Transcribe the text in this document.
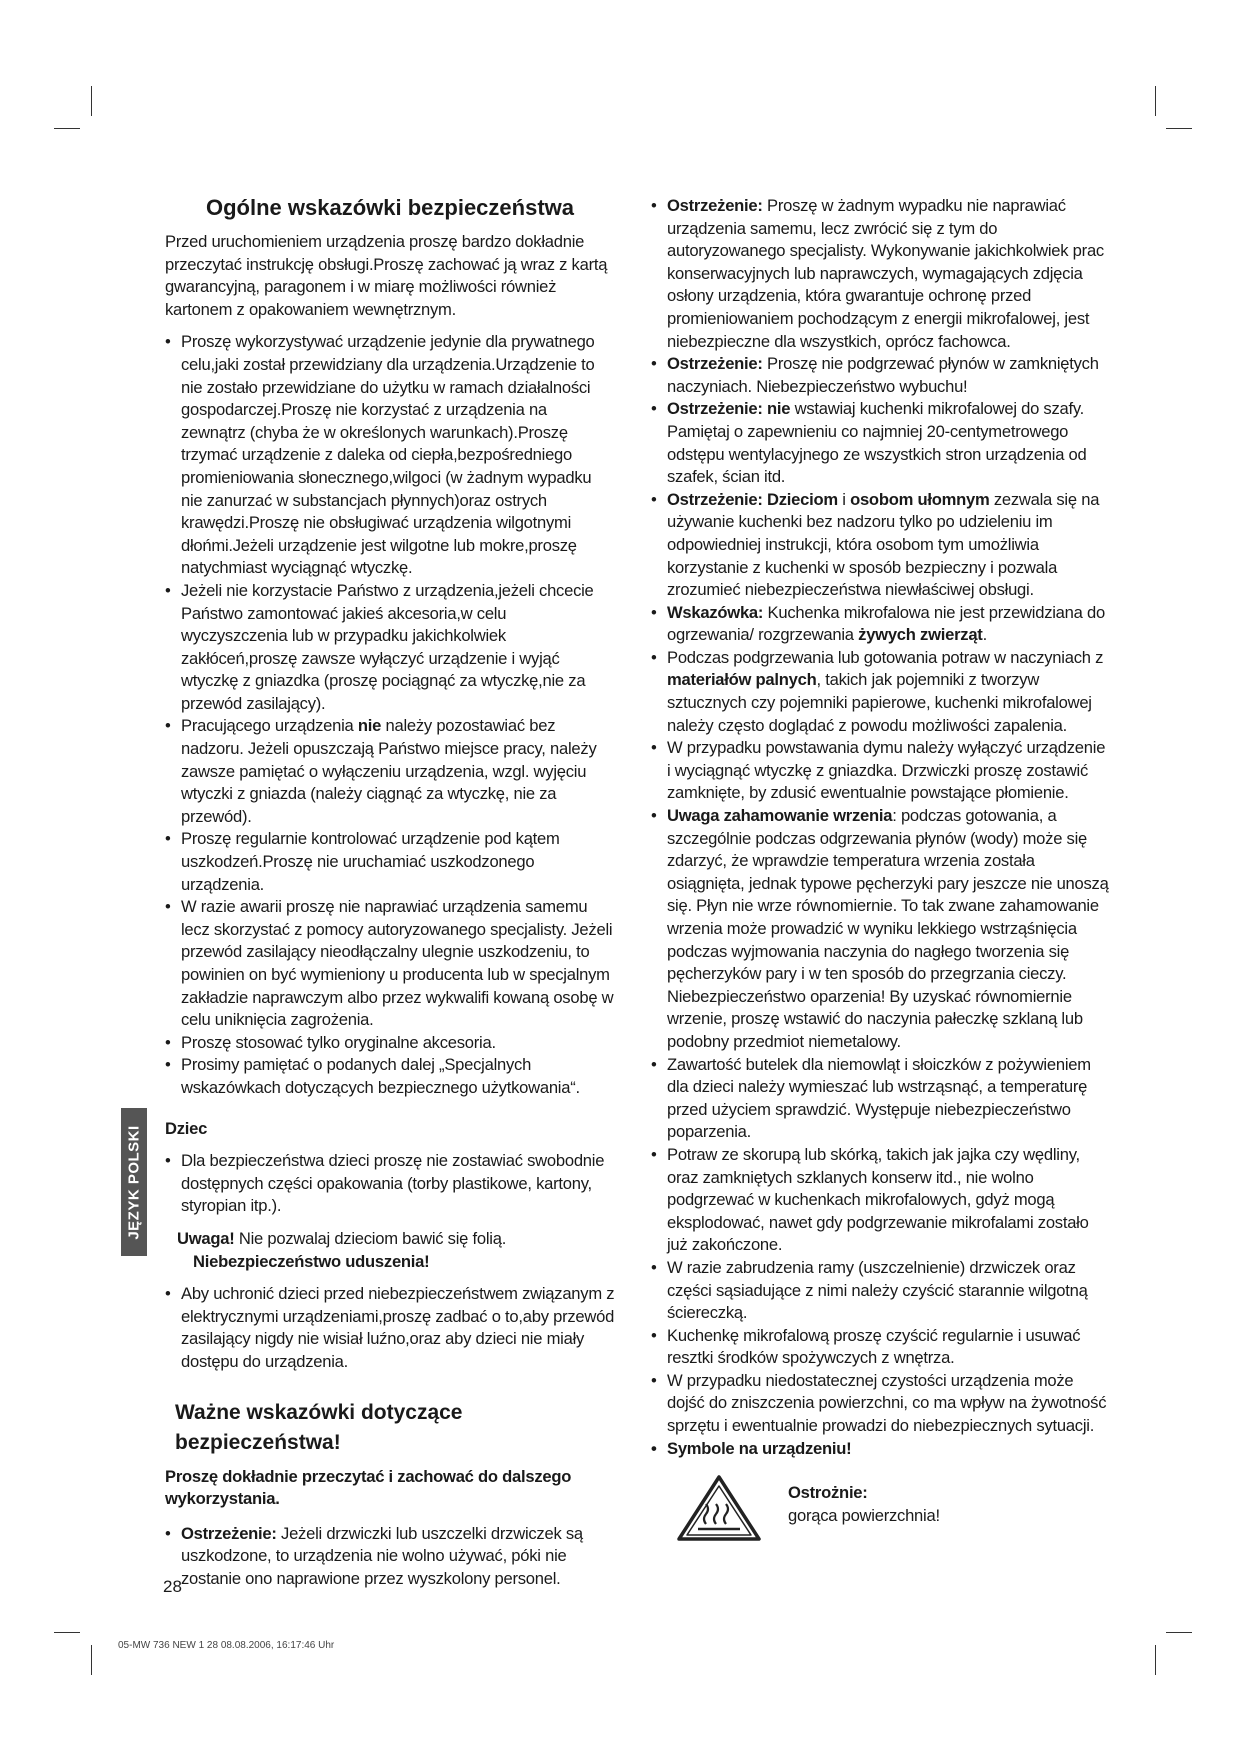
JĘZYK POLSKI
Ogólne wskazówki bezpieczeństwa

Przed uruchomieniem urządzenia proszę bardzo dokładnie przeczytać instrukcję obsługi.Proszę zachować ją wraz z kartą gwarancyjną, paragonem i w miarę możliwości również kartonem z opakowaniem wewnętrznym.

• Proszę wykorzystywać urządzenie jedynie dla prywatnego celu,jaki został przewidziany dla urządzenia.Urządzenie to nie zostało przewidziane do użytku w ramach działalności gospodarczej.Proszę nie korzystać z urządzenia na zewnątrz (chyba że w określonych warunkach).Proszę trzymać urządzenie z daleka od ciepła,bezpośredniego promieniowania słonecznego,wilgoci (w żadnym wypadku nie zanurzać w substancjach płynnych)oraz ostrych krawędzi.Proszę nie obsługiwać urządzenia wilgotnymi dłońmi.Jeżeli urządzenie jest wilgotne lub mokre,proszę natychmiast wyciągnąć wtyczkę.
• Jeżeli nie korzystacie Państwo z urządzenia,jeżeli chcecie Państwo zamontować jakieś akcesoria,w celu wyczyszczenia lub w przypadku jakichkolwiek zakłóceń,proszę zawsze wyłączyć urządzenie i wyjąć wtyczkę z gniazdka (proszę pociągnąć za wtyczkę,nie za przewód zasilający).
• Pracującego urządzenia nie należy pozostawiać bez nadzoru. Jeżeli opuszczają Państwo miejsce pracy, należy zawsze pamiętać o wyłączeniu urządzenia, wzgl. wyjęciu wtyczki z gniazda (należy ciągnąć za wtyczkę, nie za przewód).
• Proszę regularnie kontrolować urządzenie pod kątem uszkodzeń.Proszę nie uruchamiać uszkodzonego urządzenia.
• W razie awarii proszę nie naprawiać urządzenia samemu lecz skorzystać z pomocy autoryzowanego specjalisty. Jeżeli przewód zasilający nieodłączalny ulegnie uszkodzeniu, to powinien on być wymieniony u producenta lub w specjalnym zakładzie naprawczym albo przez wykwalifi kowaną osobę w celu uniknięcia zagrożenia.
• Proszę stosować tylko oryginalne akcesoria.
• Prosimy pamiętać o podanych dalej „Specjalnych wskazówkach dotyczących bezpiecznego użytkowania“.
Dziec
• Dla bezpieczeństwa dzieci proszę nie zostawiać swobodnie dostępnych części opakowania (torby plastikowe, kartony, styropian itp.).
Uwaga! Nie pozwalaj dzieciom bawić się folią.
Niebezpieczeństwo uduszenia!
• Aby uchronić dzieci przed niebezpieczeństwem związanym z elektrycznymi urządzeniami,proszę zadbać o to,aby przewód zasilający nigdy nie wisiał luźno,oraz aby dzieci nie miały dostępu do urządzenia.
Ważne wskazówki dotyczące bezpieczeństwa!
Proszę dokładnie przeczytać i zachować do dalszego wykorzystania.
• Ostrzeżenie: Jeżeli drzwiczki lub uszczelki drzwiczek są uszkodzone, to urządzenia nie wolno używać, póki nie zostanie ono naprawione przez wyszkolony personel.
• Ostrzeżenie: Proszę w żadnym wypadku nie naprawiać urządzenia samemu, lecz zwrócić się z tym do autoryzowanego specjalisty. Wykonywanie jakichkolwiek prac konserwacyjnych lub naprawczych, wymagających zdjęcia osłony urządzenia, która gwarantuje ochronę przed promieniowaniem pochodzącym z energii mikrofalowej, jest niebezpieczne dla wszystkich, oprócz fachowca.
• Ostrzeżenie: Proszę nie podgrzewać płynów w zamkniętych naczyniach. Niebezpieczeństwo wybuchu!
• Ostrzeżenie: nie wstawiaj kuchenki mikrofalowej do szafy. Pamiętaj o zapewnieniu co najmniej 20-centymetrowego odstępu wentylacyjnego ze wszystkich stron urządzenia od szafek, ścian itd.
• Ostrzeżenie: Dzieciom i osobom ułomnym zezwala się na używanie kuchenki bez nadzoru tylko po udzieleniu im odpowiedniej instrukcji, która osobom tym umożliwia korzystanie z kuchenki w sposób bezpieczny i pozwala zrozumieć niebezpieczeństwa niewłaściwej obsługi.
• Wskazówka: Kuchenka mikrofalowa nie jest przewidziana do ogrzewania/ rozgrzewania żywych zwierząt.
• Podczas podgrzewania lub gotowania potraw w naczyniach z materiałów palnych, takich jak pojemniki z tworzyw sztucznych czy pojemniki papierowe, kuchenki mikrofalowej należy często doglądać z powodu możliwości zapalenia.
• W przypadku powstawania dymu należy wyłączyć urządzenie i wyciągnąć wtyczkę z gniazdka. Drzwiczki proszę zostawić zamknięte, by zdusić ewentualnie powstające płomienie.
• Uwaga zahamowanie wrzenia: podczas gotowania, a szczególnie podczas odgrzewania płynów (wody) może się zdarzyć, że wprawdzie temperatura wrzenia została osiągnięta, jednak typowe pęcherzyki pary jeszcze nie unoszą się. Płyn nie wrze równomiernie. To tak zwane zahamowanie wrzenia może prowadzić w wyniku lekkiego wstrząśnięcia podczas wyjmowania naczynia do nagłego tworzenia się pęcherzyków pary i w ten sposób do przegrzania cieczy. Niebezpieczeństwo oparzenia! By uzyskać równomiernie wrzenie, proszę wstawić do naczynia pałeczkę szklaną lub podobny przedmiot niemetalowy.
• Zawartość butelek dla niemowląt i słoiczków z pożywieniem dla dzieci należy wymieszać lub wstrząsnąć, a temperaturę przed użyciem sprawdzić. Występuje niebezpieczeństwo poparzenia.
• Potraw ze skorupą lub skórką, takich jak jajka czy wędliny, oraz zamkniętych szklanych konserw itd., nie wolno podgrzewać w kuchenkach mikrofalowych, gdyż mogą eksplodować, nawet gdy podgrzewanie mikrofalami zostało już zakończone.
• W razie zabrudzenia ramy (uszczelnienie) drzwiczek oraz części sąsiadujące z nimi należy czyścić starannie wilgotną ściereczką.
• Kuchenkę mikrofalową proszę czyścić regularnie i usuwać resztki środków spożywczych z wnętrza.
• W przypadku niedostatecznej czystości urządzenia może dojść do zniszczenia powierzchni, co ma wpływ na żywotność sprzętu i ewentualnie prowadzi do niebezpiecznych sytuacji.
• Symbole na urządzeniu!
Ostrożnie:
gorąca powierzchnia!
28
05-MW 736 NEW 1 28 08.08.2006, 16:17:46 Uhr
